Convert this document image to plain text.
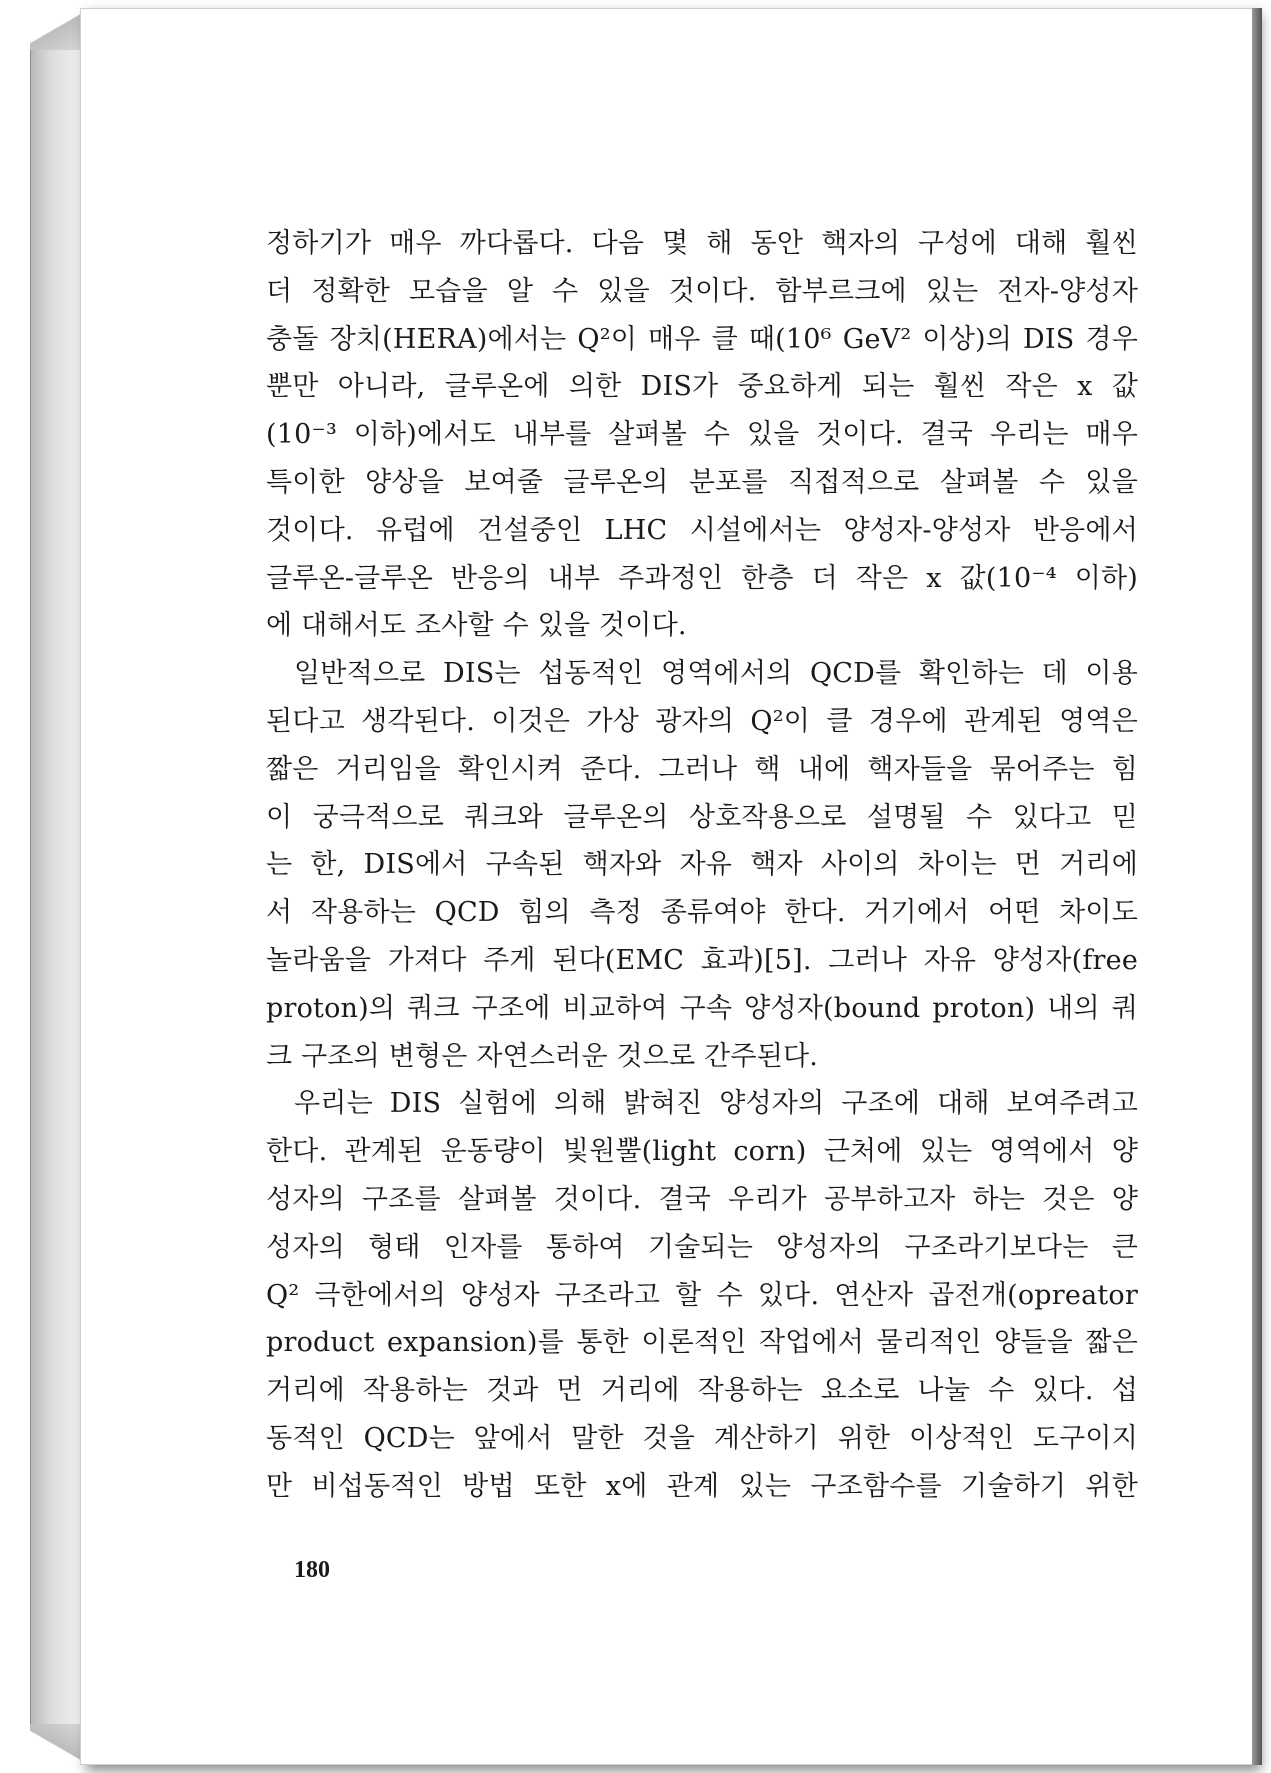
정하기가 매우 까다롭다. 다음 몇 해 동안 핵자의 구성에 대해 훨씬
더 정확한 모습을 알 수 있을 것이다. 함부르크에 있는 전자-양성자
충돌 장치(HERA)에서는 Q²이 매우 클 때(10⁶ GeV² 이상)의 DIS 경우
뿐만 아니라, 글루온에 의한 DIS가 중요하게 되는 훨씬 작은 x 값
(10⁻³ 이하)에서도 내부를 살펴볼 수 있을 것이다. 결국 우리는 매우
특이한 양상을 보여줄 글루온의 분포를 직접적으로 살펴볼 수 있을
것이다. 유럽에 건설중인 LHC 시설에서는 양성자-양성자 반응에서
글루온-글루온 반응의 내부 주과정인 한층 더 작은 x 값(10⁻⁴ 이하)
에 대해서도 조사할 수 있을 것이다.
일반적으로 DIS는 섭동적인 영역에서의 QCD를 확인하는 데 이용
된다고 생각된다. 이것은 가상 광자의 Q²이 클 경우에 관계된 영역은
짧은 거리임을 확인시켜 준다. 그러나 핵 내에 핵자들을 묶어주는 힘
이 궁극적으로 쿼크와 글루온의 상호작용으로 설명될 수 있다고 믿
는 한, DIS에서 구속된 핵자와 자유 핵자 사이의 차이는 먼 거리에
서 작용하는 QCD 힘의 측정 종류여야 한다. 거기에서 어떤 차이도
놀라움을 가져다 주게 된다(EMC 효과)[5]. 그러나 자유 양성자(free
proton)의 쿼크 구조에 비교하여 구속 양성자(bound proton) 내의 쿼
크 구조의 변형은 자연스러운 것으로 간주된다.
우리는 DIS 실험에 의해 밝혀진 양성자의 구조에 대해 보여주려고
한다. 관계된 운동량이 빛원뿔(light corn) 근처에 있는 영역에서 양
성자의 구조를 살펴볼 것이다. 결국 우리가 공부하고자 하는 것은 양
성자의 형태 인자를 통하여 기술되는 양성자의 구조라기보다는 큰
Q² 극한에서의 양성자 구조라고 할 수 있다. 연산자 곱전개(opreator
product expansion)를 통한 이론적인 작업에서 물리적인 양들을 짧은
거리에 작용하는 것과 먼 거리에 작용하는 요소로 나눌 수 있다. 섭
동적인 QCD는 앞에서 말한 것을 계산하기 위한 이상적인 도구이지
만 비섭동적인 방법 또한 x에 관계 있는 구조함수를 기술하기 위한
180
